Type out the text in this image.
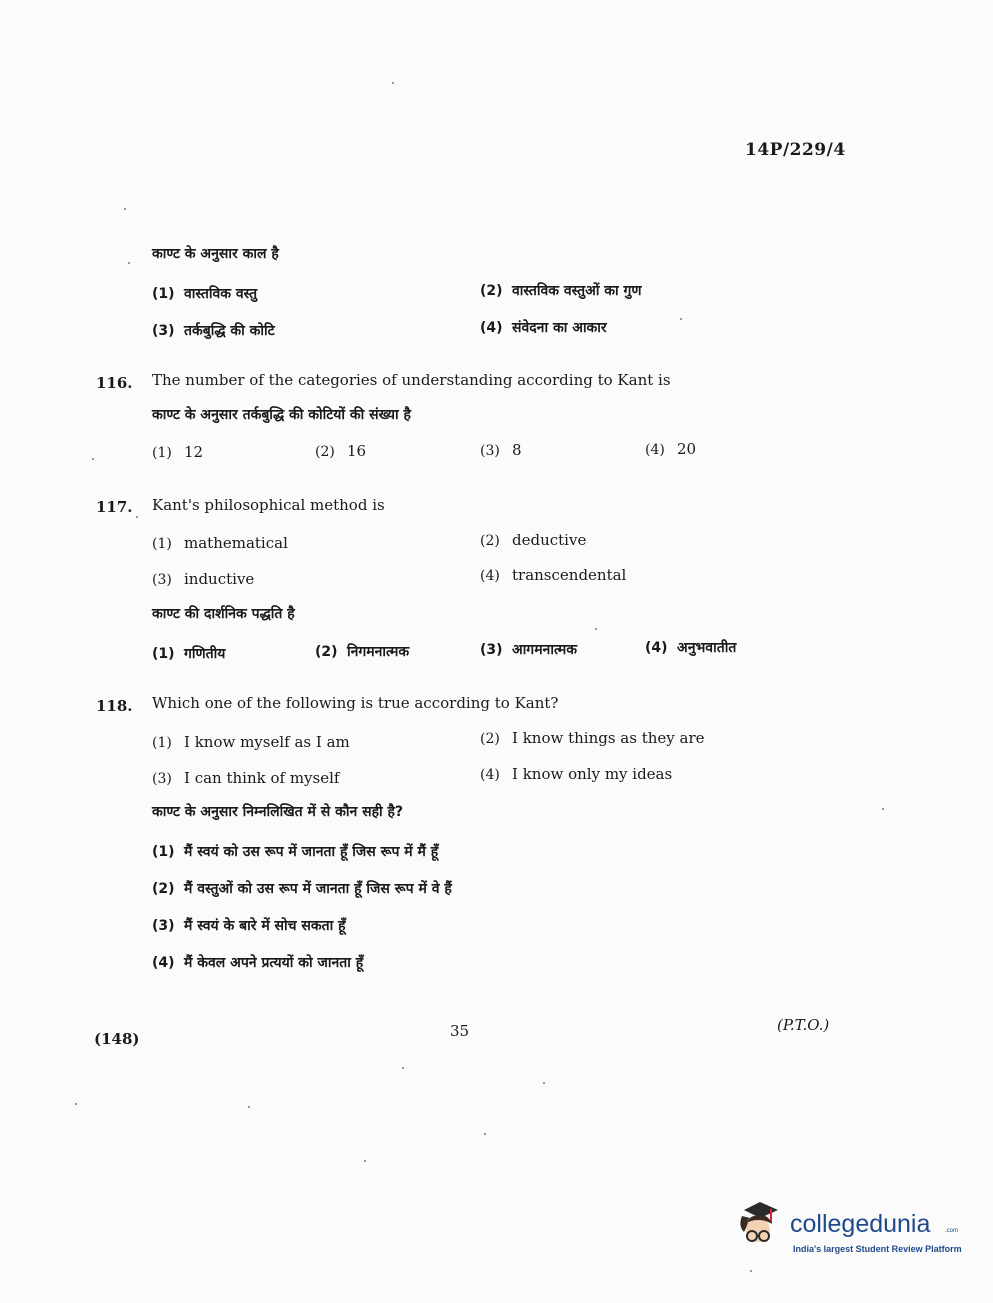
14P/229/4
काण्ट के अनुसार काल है
(1) वास्तविक वस्तु	(2) वास्तविक वस्तुओं का गुण
(3) तर्कबुद्धि की कोटि	(4) संवेदना का आकार
116. The number of the categories of understanding according to Kant is
काण्ट के अनुसार तर्कबुद्धि की कोटियों की संख्या है
(1) 12	(2) 16	(3) 8	(4) 20
117. Kant's philosophical method is
(1) mathematical	(2) deductive
(3) inductive	(4) transcendental
काण्ट की दार्शनिक पद्धति है
(1) गणितीय	(2) निगमनात्मक	(3) आगमनात्मक	(4) अनुभवातीत
118. Which one of the following is true according to Kant?
(1) I know myself as I am	(2) I know things as they are
(3) I can think of myself	(4) I know only my ideas
काण्ट के अनुसार निम्नलिखित में से कौन सही है?
(1) मैं स्वयं को उस रूप में जानता हूँ जिस रूप में मैं हूँ
(2) मैं वस्तुओं को उस रूप में जानता हूँ जिस रूप में वे हैं
(3) मैं स्वयं के बारे में सोच सकता हूँ
(4) मैं केवल अपने प्रत्ययों को जानता हूँ
(148)	35	(P.T.O.)
collegedunia .com
India's largest Student Review Platform
